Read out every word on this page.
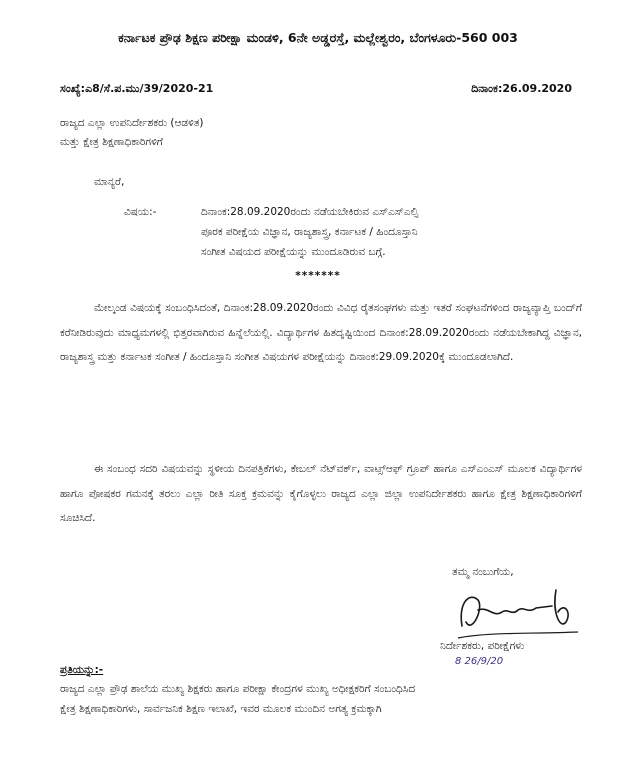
ಕರ್ನಾಟಕ ಪ್ರೌಢ ಶಿಕ್ಷಣ ಪರೀಕ್ಷಾ ಮಂಡಳಿ, 6ನೇ ಅಡ್ಡರಸ್ತೆ, ಮಲ್ಲೇಶ್ವರಂ, ಬೆಂಗಳೂರು-560 003
ಸಂಖ್ಯೆ:ಎ8/ಸೆ.ಪ.ಮು/39/2020-21	ದಿನಾಂಕ:26.09.2020
ರಾಜ್ಯದ ಎಲ್ಲಾ ಉಪನಿರ್ದೇಶಕರು (ಆಡಳಿತ)
ಮತ್ತು ಕ್ಷೇತ್ರ ಶಿಕ್ಷಣಾಧಿಕಾರಿಗಳಿಗೆ
ಮಾನ್ಯರೆ,
ವಿಷಯ:-	ದಿನಾಂಕ:28.09.2020ರಂದು ನಡೆಯಬೇಕಿರುವ ಎಸ್ಎಸ್ಎಲ್ಸಿ
ಪೂರಕ ಪರೀಕ್ಷೆಯ ವಿಜ್ಞಾನ, ರಾಜ್ಯಶಾಸ್ತ್ರ, ಕರ್ನಾಟಕ / ಹಿಂದೂಸ್ತಾನಿ
ಸಂಗೀತ ವಿಷಯದ ಪರೀಕ್ಷೆಯನ್ನು ಮುಂದೂಡಿರುವ ಬಗ್ಗೆ.
*******
ಮೇಲ್ಕಂಡ ವಿಷಯಕ್ಕೆ ಸಂಬಂಧಿಸಿದಂತೆ, ದಿನಾಂಕ:28.09.2020ರಂದು ವಿವಿಧ ರೈತಸಂಘಗಳು ಮತ್ತು ಇತರೆ ಸಂಘಟನೆಗಳಿಂದ ರಾಜ್ಯವ್ಯಾಪ್ತಿ ಬಂದ್‌ಗೆ ಕರೆನೀಡಿರುವುದು ಮಾಧ್ಯಮಗಳಲ್ಲಿ ಭಿತ್ತರವಾಗಿರುವ ಹಿನ್ನೆಲೆಯಲ್ಲಿ. ವಿದ್ಯಾರ್ಥಿಗಳ ಹಿತದೃಷ್ಟಿಯಿಂದ ದಿನಾಂಕ:28.09.2020ರಂದು ನಡೆಯಬೇಕಾಗಿದ್ದ ವಿಜ್ಞಾನ, ರಾಜ್ಯಶಾಸ್ತ್ರ ಮತ್ತು ಕರ್ನಾಟಕ ಸಂಗೀತ / ಹಿಂದೂಸ್ತಾನಿ ಸಂಗೀತ ವಿಷಯಗಳ ಪರೀಕ್ಷೆಯನ್ನು ದಿನಾಂಕ:29.09.2020ಕ್ಕೆ ಮುಂದೂಡಲಾಗಿದೆ.
ಈ ಸಂಬಂಧ ಸದರಿ ವಿಷಯವನ್ನು ಸ್ಥಳೀಯ ದಿನಪತ್ರಿಕೆಗಳು, ಕೇಬಲ್ ನೆಟ್‌ವರ್ಕ್, ವಾಟ್ಸ್‌ಆಫ್ ಗ್ರೂಪ್ ಹಾಗೂ ಎಸ್‌ಎಂಎಸ್ ಮೂಲಕ ವಿದ್ಯಾರ್ಥಿಗಳ ಹಾಗೂ ಪೋಷಕರ ಗಮನಕ್ಕೆ ತರಲು ಎಲ್ಲಾ ರೀತಿ ಸೂಕ್ತ ಕ್ರಮವನ್ನು ಕೈಗೊಳ್ಳಲು ರಾಜ್ಯದ ಎಲ್ಲಾ ಜಿಲ್ಲಾ ಉಪನಿರ್ದೇಶಕರು ಹಾಗೂ ಕ್ಷೇತ್ರ ಶಿಕ್ಷಣಾಧಿಕಾರಿಗಳಿಗೆ ಸೂಚಿಸಿದೆ.
ತಮ್ಮ ನಂಬುಗೆಯ,
ನಿರ್ದೇಶಕರು, ಪರೀಕ್ಷೆಗಳು
8 26/9/20
ಪ್ರತಿಯನ್ನು:-
ರಾಜ್ಯದ ಎಲ್ಲಾ ಪ್ರೌಢ ಶಾಲೆಯ ಮುಖ್ಯ ಶಿಕ್ಷಕರು ಹಾಗೂ ಪರೀಕ್ಷಾ ಕೇಂದ್ರಗಳ ಮುಖ್ಯ ಅಧೀಕ್ಷಕರಿಗೆ ಸಂಬಂಧಿಸಿದ
ಕ್ಷೇತ್ರ ಶಿಕ್ಷಣಾಧಿಕಾರಿಗಳು, ಸಾರ್ವಜನಿಕ ಶಿಕ್ಷಣ ಇಲಾಖೆ, ಇವರ ಮೂಲಕ ಮುಂದಿನ ಅಗತ್ಯ ಕ್ರಮಕ್ಕಾಗಿ
